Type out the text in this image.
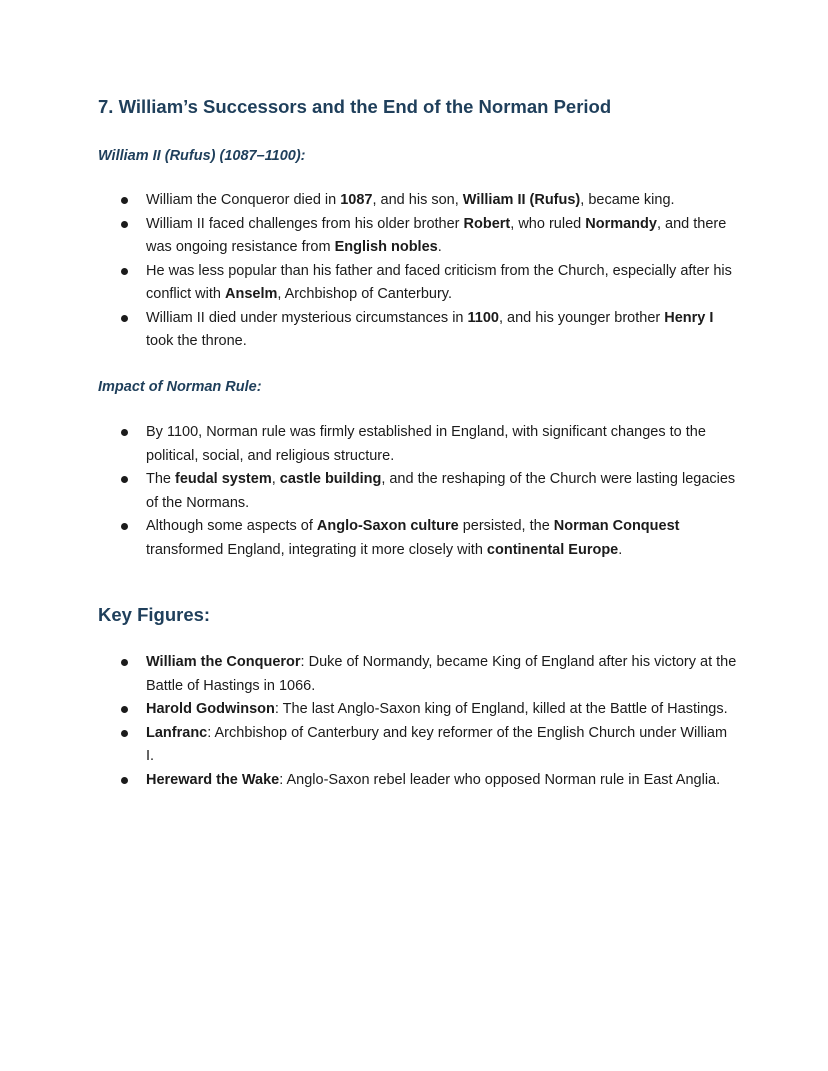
7. William’s Successors and the End of the Norman Period
William II (Rufus) (1087–1100):
William the Conqueror died in 1087, and his son, William II (Rufus), became king.
William II faced challenges from his older brother Robert, who ruled Normandy, and there was ongoing resistance from English nobles.
He was less popular than his father and faced criticism from the Church, especially after his conflict with Anselm, Archbishop of Canterbury.
William II died under mysterious circumstances in 1100, and his younger brother Henry I took the throne.
Impact of Norman Rule:
By 1100, Norman rule was firmly established in England, with significant changes to the political, social, and religious structure.
The feudal system, castle building, and the reshaping of the Church were lasting legacies of the Normans.
Although some aspects of Anglo-Saxon culture persisted, the Norman Conquest transformed England, integrating it more closely with continental Europe.
Key Figures:
William the Conqueror: Duke of Normandy, became King of England after his victory at the Battle of Hastings in 1066.
Harold Godwinson: The last Anglo-Saxon king of England, killed at the Battle of Hastings.
Lanfranc: Archbishop of Canterbury and key reformer of the English Church under William I.
Hereward the Wake: Anglo-Saxon rebel leader who opposed Norman rule in East Anglia.
